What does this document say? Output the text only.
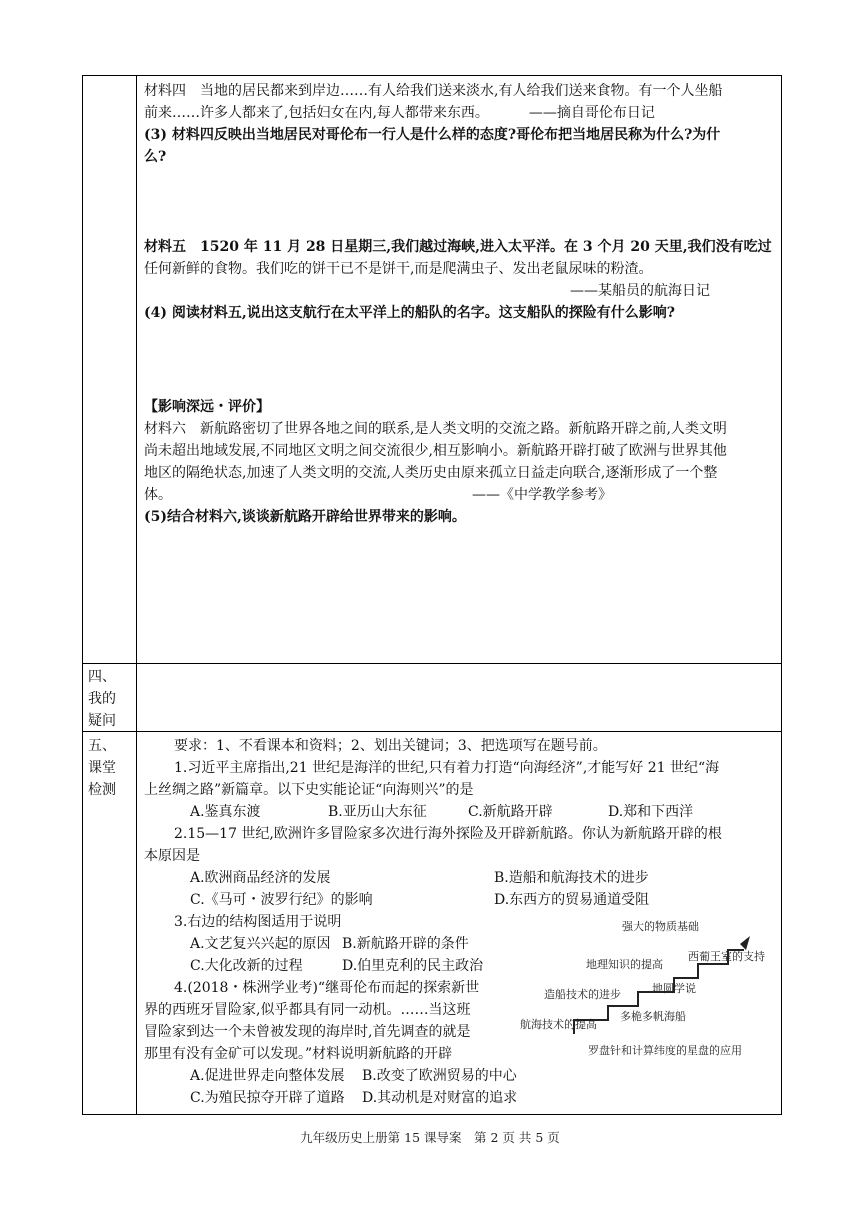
材料四　当地的居民都来到岸边……有人给我们送来淡水,有人给我们送来食物。有一个人坐船

前来……许多人都来了,包括妇女在内,每人都带来东西。	——摘自哥伦布日记

(3) 材料四反映出当地居民对哥伦布一行人是什么样的态度?哥伦布把当地居民称为什么?为什

么?

材料五　1520 年 11 月 28 日星期三,我们越过海峡,进入太平洋。在 3 个月 20 天里,我们没有吃过

任何新鲜的食物。我们吃的饼干已不是饼干,而是爬满虫子、发出老鼠尿味的粉渣。

——某船员的航海日记

(4) 阅读材料五,说出这支航行在太平洋上的船队的名字。这支船队的探险有什么影响?

【影响深远・评价】

材料六　新航路密切了世界各地之间的联系,是人类文明的交流之路。新航路开辟之前,人类文明

尚未超出地域发展,不同地区文明之间交流很少,相互影响小。新航路开辟打破了欧洲与世界其他

地区的隔绝状态,加速了人类文明的交流,人类历史由原来孤立日益走向联合,逐渐形成了一个整

体。	——《中学教学参考》

(5)结合材料六,谈谈新航路开辟给世界带来的影响。

四、
我的
疑问
五、
课堂
检测

要求：1、不看课本和资料；2、划出关键词；3、把选项写在题号前。

1.习近平主席指出,21 世纪是海洋的世纪,只有着力打造“向海经济”,才能写好 21 世纪“海

上丝绸之路”新篇章。以下史实能论证“向海则兴”的是

A.鉴真东渡	B.亚历山大东征	C.新航路开辟	D.郑和下西洋

2.15—17 世纪,欧洲许多冒险家多次进行海外探险及开辟新航路。你认为新航路开辟的根

本原因是

A.欧洲商品经济的发展	B.造船和航海技术的进步

C.《马可・波罗行纪》的影响	D.东西方的贸易通道受阻

3.右边的结构图适用于说明

A.文艺复兴兴起的原因 B.新航路开辟的条件

C.大化改新的过程	D.伯里克利的民主政治

4.(2018・株洲学业考)“继哥伦布而起的探索新世

界的西班牙冒险家,似乎都具有同一动机。……当这班

冒险家到达一个未曾被发现的海岸时,首先调查的就是

那里有没有金矿可以发现。”材料说明新航路的开辟

A.促进世界走向整体发展 B.改变了欧洲贸易的中心

C.为殖民掠夺开辟了道路 D.其动机是对财富的追求

强大的物质基础
地理知识的提高
西葡王室的支持
造船技术的进步	地圆学说
航海技术的提高
多桅多帆海船
罗盘针和计算纬度的星盘的应用
九年级历史上册第 15 课导案　第 2 页 共 5 页
